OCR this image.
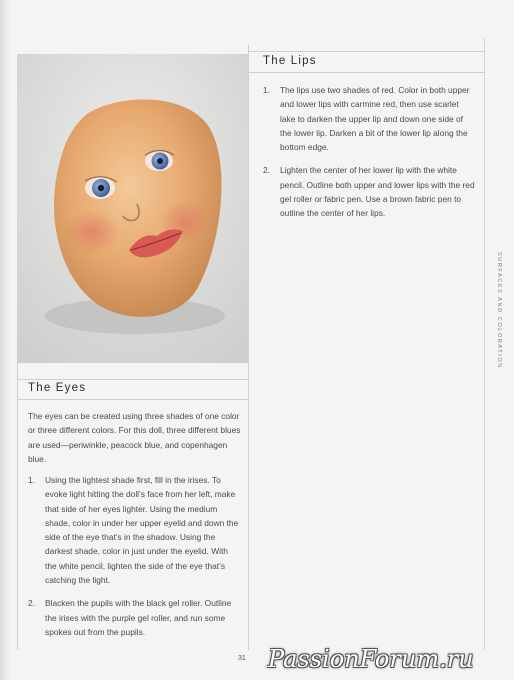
The Lips
1. The lips use two shades of red. Color in both upper and lower lips with carmine red, then use scarlet lake to darken the upper lip and down one side of the lower lip. Darken a bit of the lower lip along the bottom edge.
2. Lighten the center of her lower lip with the white pencil. Outline both upper and lower lips with the red gel roller or fabric pen. Use a brown fabric pen to outline the center of her lips.
The Eyes
The eyes can be created using three shades of one color or three different colors. For this doll, three different blues are used—periwinkle, peacock blue, and copenhagen blue.
1. Using the lightest shade first, fill in the irises. To evoke light hitting the doll’s face from her left, make that side of her eyes lighter. Using the medium shade, color in under her upper eyelid and down the side of the eye that’s in the shadow. Using the darkest shade, color in just under the eyelid. With the white pencil, lighten the side of the eye that’s catching the light.
2. Blacken the pupils with the black gel roller. Outline the irises with the purple gel roller, and run some spokes out from the pupils.
SURFACES AND COLORATION
31 PassionForum.ru
